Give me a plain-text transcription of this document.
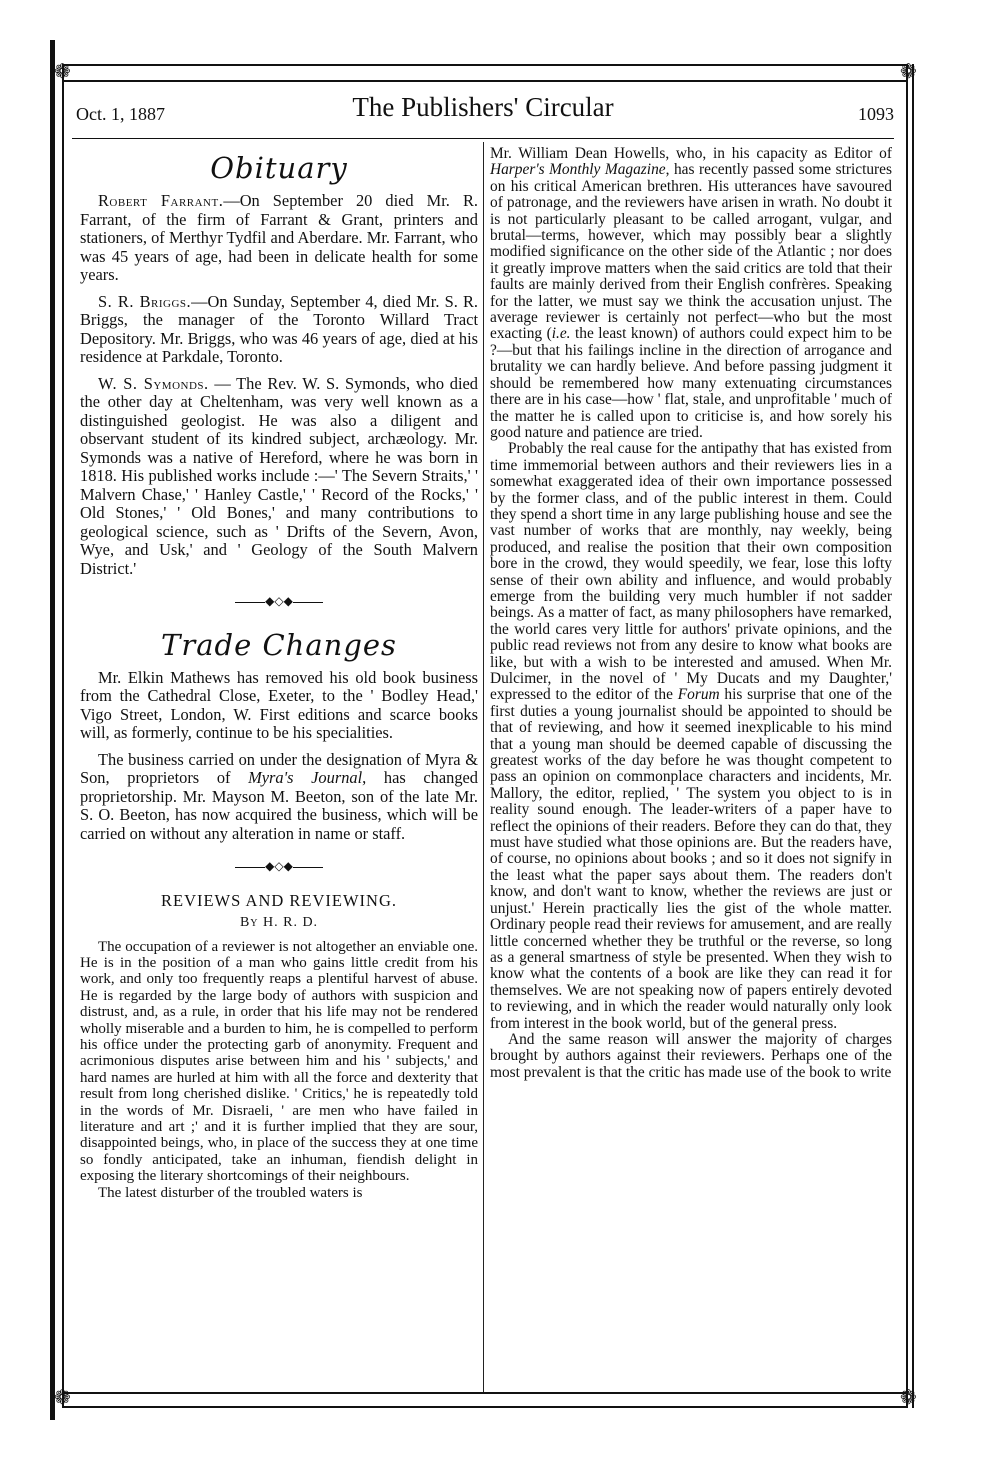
❁	❁
❁	❁
Oct. 1, 1887	The Publishers' Circular	1093
Obituary

Robert Farrant.—On September 20 died Mr. R. Farrant, of the firm of Farrant & Grant, printers and stationers, of Merthyr Tydfil and Aberdare. Mr. Farrant, who was 45 years of age, had been in delicate health for some years.

S. R. Briggs.—On Sunday, September 4, died Mr. S. R. Briggs, the manager of the Toronto Willard Tract Depository. Mr. Briggs, who was 46 years of age, died at his residence at Parkdale, Toronto.

W. S. Symonds. — The Rev. W. S. Symonds, who died the other day at Cheltenham, was very well known as a distinguished geologist. He was also a diligent and observant student of its kindred subject, archæology. Mr. Symonds was a native of Hereford, where he was born in 1818. His published works include :—' The Severn Straits,' ' Malvern Chase,' ' Hanley Castle,' ' Record of the Rocks,' ' Old Stones,' ' Old Bones,' and many contributions to geological science, such as ' Drifts of the Severn, Avon, Wye, and Usk,' and ' Geology of the South Malvern District.'

◆◇◆
Trade Changes

Mr. Elkin Mathews has removed his old book business from the Cathedral Close, Exeter, to the ' Bodley Head,' Vigo Street, London, W. First editions and scarce books will, as formerly, continue to be his specialities.

The business carried on under the designation of Myra & Son, proprietors of Myra's Journal, has changed proprietorship. Mr. Mayson M. Beeton, son of the late Mr. S. O. Beeton, has now acquired the business, which will be carried on without any alteration in name or staff.

◆◇◆
REVIEWS AND REVIEWING.
By H. R. D.

The occupation of a reviewer is not altogether an enviable one. He is in the position of a man who gains little credit from his work, and only too frequently reaps a plentiful harvest of abuse. He is regarded by the large body of authors with suspicion and distrust, and, as a rule, in order that his life may not be rendered wholly miserable and a burden to him, he is compelled to perform his office under the protecting garb of anonymity. Frequent and acrimonious disputes arise between him and his ' subjects,' and hard names are hurled at him with all the force and dexterity that result from long cherished dislike. ' Critics,' he is repeatedly told in the words of Mr. Disraeli, ' are men who have failed in literature and art ;' and it is further implied that they are sour, disappointed beings, who, in place of the success they at one time so fondly anticipated, take an inhuman, fiendish delight in exposing the literary shortcomings of their neighbours.

The latest disturber of the troubled waters is

Mr. William Dean Howells, who, in his capacity as Editor of Harper's Monthly Magazine, has recently passed some strictures on his critical American brethren. His utterances have savoured of patronage, and the reviewers have arisen in wrath. No doubt it is not particularly pleasant to be called arrogant, vulgar, and brutal—terms, however, which may possibly bear a slightly modified significance on the other side of the Atlantic ; nor does it greatly improve matters when the said critics are told that their faults are mainly derived from their English confrères. Speaking for the latter, we must say we think the accusation unjust. The average reviewer is certainly not perfect—who but the most exacting (i.e. the least known) of authors could expect him to be ?—but that his failings incline in the direction of arrogance and brutality we can hardly believe. And before passing judgment it should be remembered how many extenuating circumstances there are in his case—how ' flat, stale, and unprofitable ' much of the matter he is called upon to criticise is, and how sorely his good nature and patience are tried.

Probably the real cause for the antipathy that has existed from time immemorial between authors and their reviewers lies in a somewhat exaggerated idea of their own importance possessed by the former class, and of the public interest in them. Could they spend a short time in any large publishing house and see the vast number of works that are monthly, nay weekly, being produced, and realise the position that their own composition bore in the crowd, they would speedily, we fear, lose this lofty sense of their own ability and influence, and would probably emerge from the building very much humbler if not sadder beings. As a matter of fact, as many philosophers have remarked, the world cares very little for authors' private opinions, and the public read reviews not from any desire to know what books are like, but with a wish to be interested and amused. When Mr. Dulcimer, in the novel of ' My Ducats and my Daughter,' expressed to the editor of the Forum his surprise that one of the first duties a young journalist should be appointed to should be that of reviewing, and how it seemed inexplicable to his mind that a young man should be deemed capable of discussing the greatest works of the day before he was thought competent to pass an opinion on commonplace characters and incidents, Mr. Mallory, the editor, replied, ' The system you object to is in reality sound enough. The leader-writers of a paper have to reflect the opinions of their readers. Before they can do that, they must have studied what those opinions are. But the readers have, of course, no opinions about books ; and so it does not signify in the least what the paper says about them. The readers don't know, and don't want to know, whether the reviews are just or unjust.' Herein practically lies the gist of the whole matter. Ordinary people read their reviews for amusement, and are really little concerned whether they be truthful or the reverse, so long as a general smartness of style be presented. When they wish to know what the contents of a book are like they can read it for themselves. We are not speaking now of papers entirely devoted to reviewing, and in which the reader would naturally only look from interest in the book world, but of the general press.

And the same reason will answer the majority of charges brought by authors against their reviewers. Perhaps one of the most prevalent is that the critic has made use of the book to write
